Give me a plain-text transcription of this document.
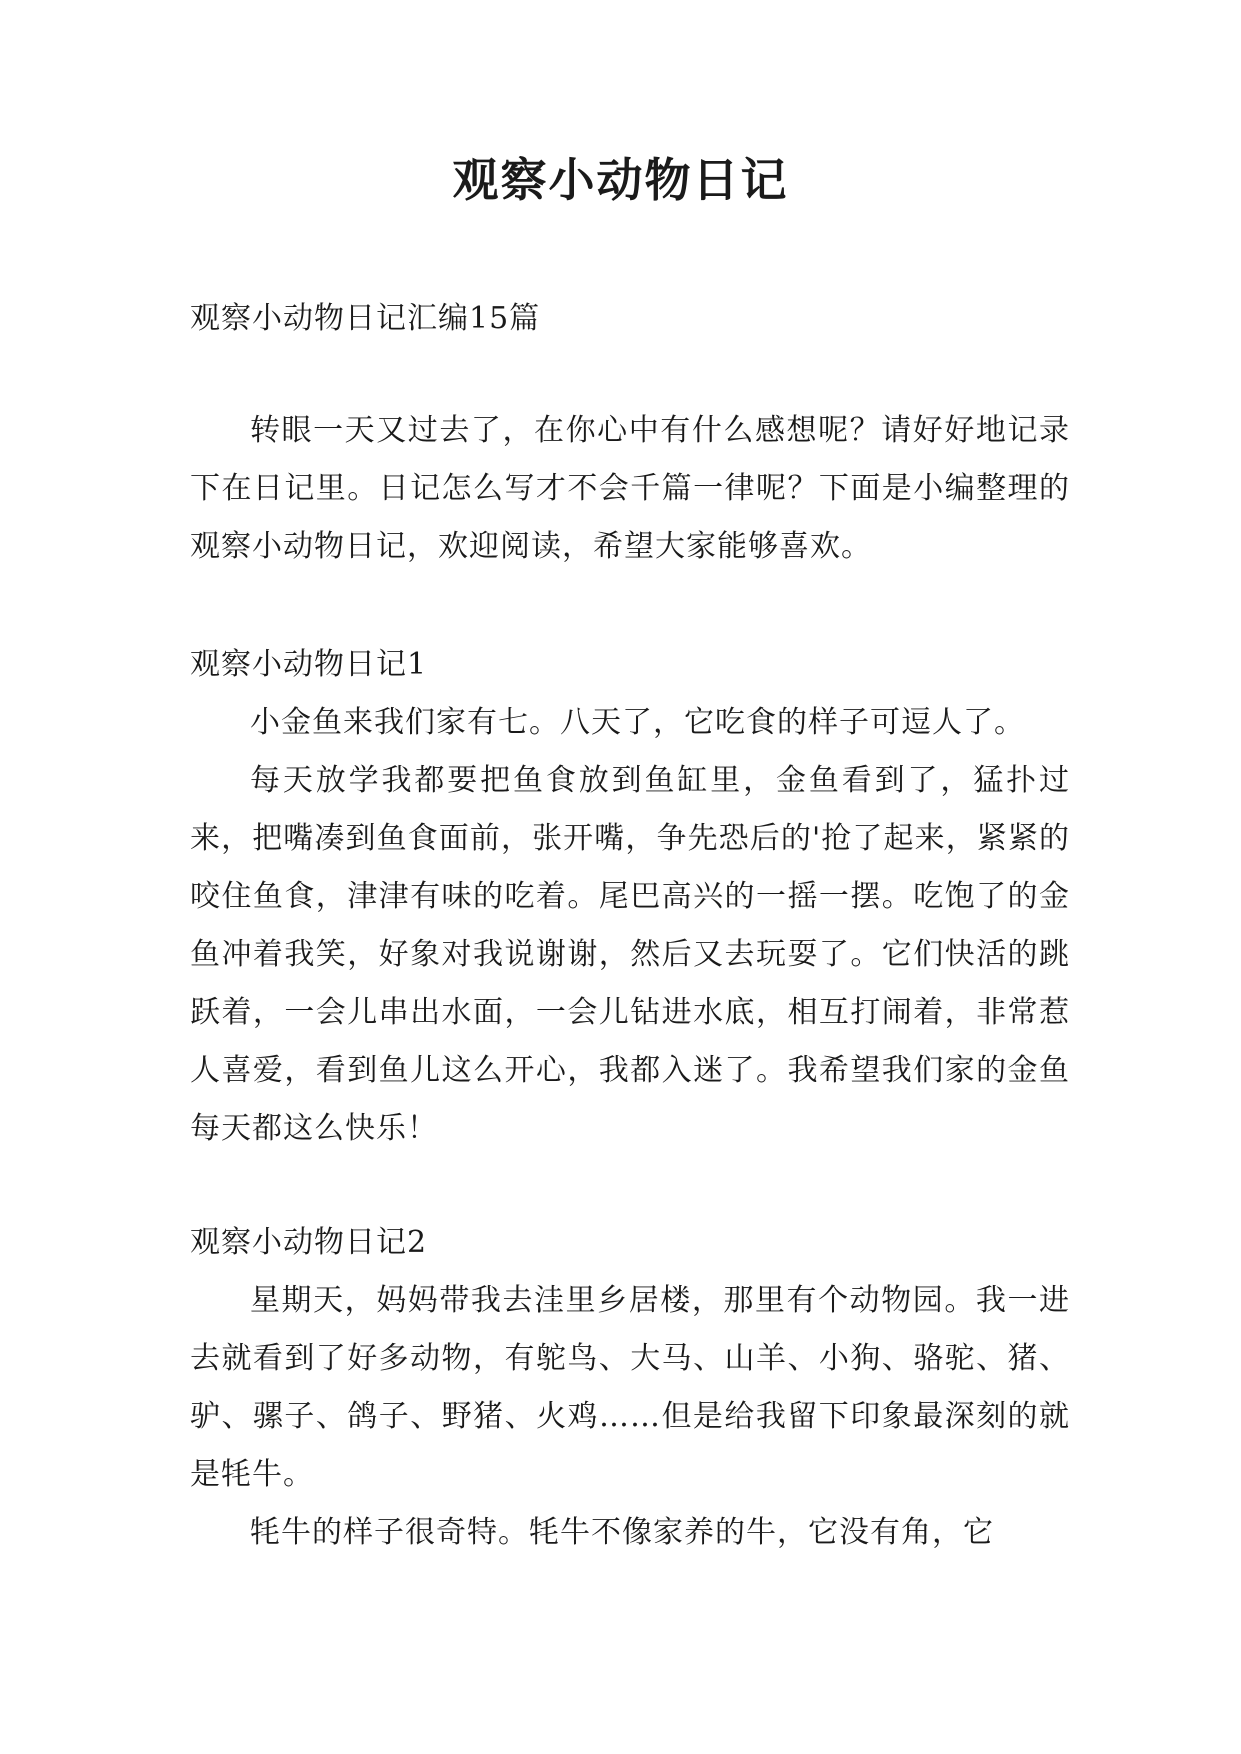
观察小动物日记

观察小动物日记汇编15篇

转眼一天又过去了，在你心中有什么感想呢？请好好地记录下在日记里。日记怎么写才不会千篇一律呢？下面是小编整理的观察小动物日记，欢迎阅读，希望大家能够喜欢。

观察小动物日记1

小金鱼来我们家有七。八天了，它吃食的样子可逗人了。

每天放学我都要把鱼食放到鱼缸里，金鱼看到了，猛扑过来，把嘴凑到鱼食面前，张开嘴，争先恐后的'抢了起来，紧紧的咬住鱼食，津津有味的吃着。尾巴高兴的一摇一摆。吃饱了的金鱼冲着我笑，好象对我说谢谢，然后又去玩耍了。它们快活的跳跃着，一会儿串出水面，一会儿钻进水底，相互打闹着，非常惹人喜爱，看到鱼儿这么开心，我都入迷了。我希望我们家的金鱼每天都这么快乐！

观察小动物日记2

星期天，妈妈带我去洼里乡居楼，那里有个动物园。我一进去就看到了好多动物，有鸵鸟、大马、山羊、小狗、骆驼、猪、驴、骡子、鸽子、野猪、火鸡……但是给我留下印象最深刻的就是牦牛。

牦牛的样子很奇特。牦牛不像家养的牛，它没有角，它
